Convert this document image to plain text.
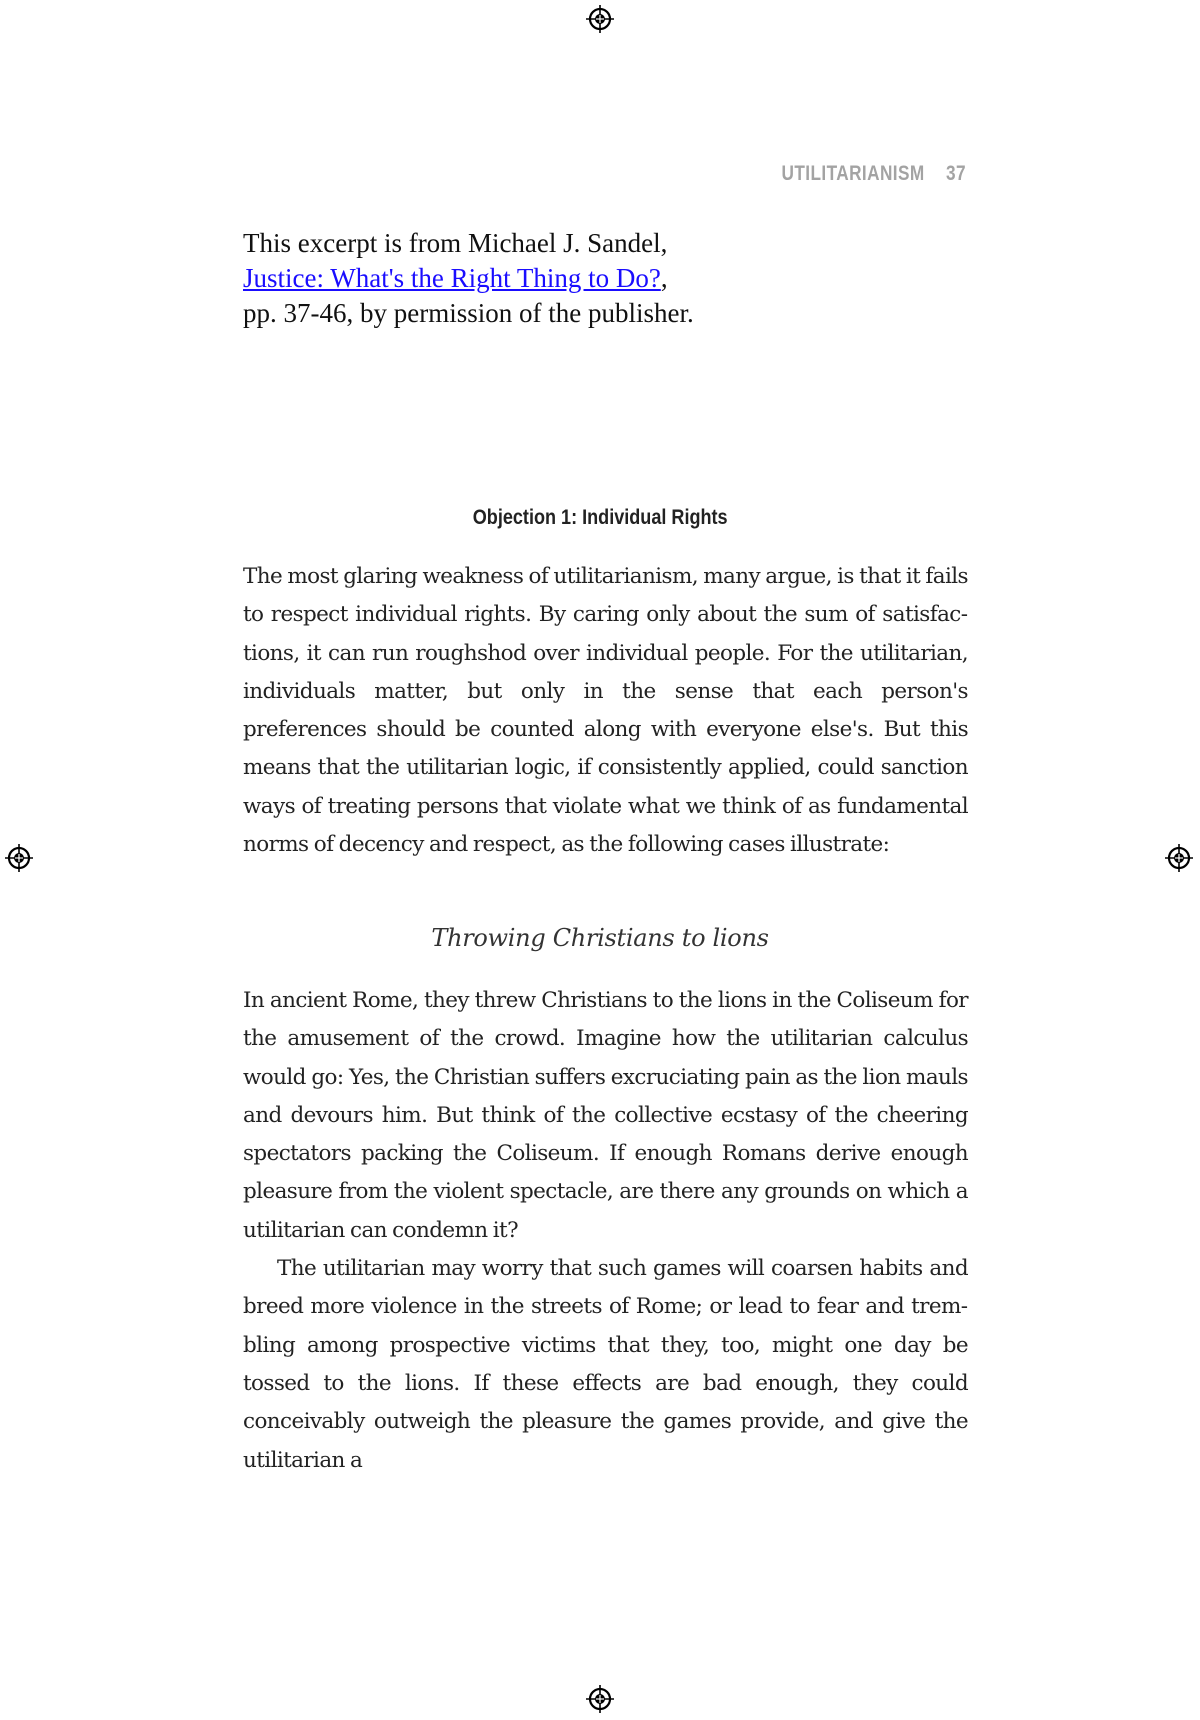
UTILITARIANISM 37
This excerpt is from Michael J. Sandel,
Justice: What's the Right Thing to Do?,
pp. 37-46, by permission of the publisher.
Objection 1: Individual Rights

The most glaring weakness of utilitarianism, many argue, is that it fails to respect individual rights. By caring only about the sum of satisfactions, it can run roughshod over individual people. For the utilitarian, individuals matter, but only in the sense that each person's preferences should be counted along with everyone else's. But this means that the utilitarian logic, if consistently applied, could sanction ways of treating persons that violate what we think of as fundamental norms of decency and respect, as the following cases illustrate:

Throwing Christians to lions

In ancient Rome, they threw Christians to the lions in the Coliseum for the amusement of the crowd. Imagine how the utilitarian calculus would go: Yes, the Christian suffers excruciating pain as the lion mauls and devours him. But think of the collective ecstasy of the cheering spectators packing the Coliseum. If enough Romans derive enough pleasure from the violent spectacle, are there any grounds on which a utilitarian can condemn it?

The utilitarian may worry that such games will coarsen habits and breed more violence in the streets of Rome; or lead to fear and trembling among prospective victims that they, too, might one day be tossed to the lions. If these effects are bad enough, they could conceivably outweigh the pleasure the games provide, and give the utilitarian a
